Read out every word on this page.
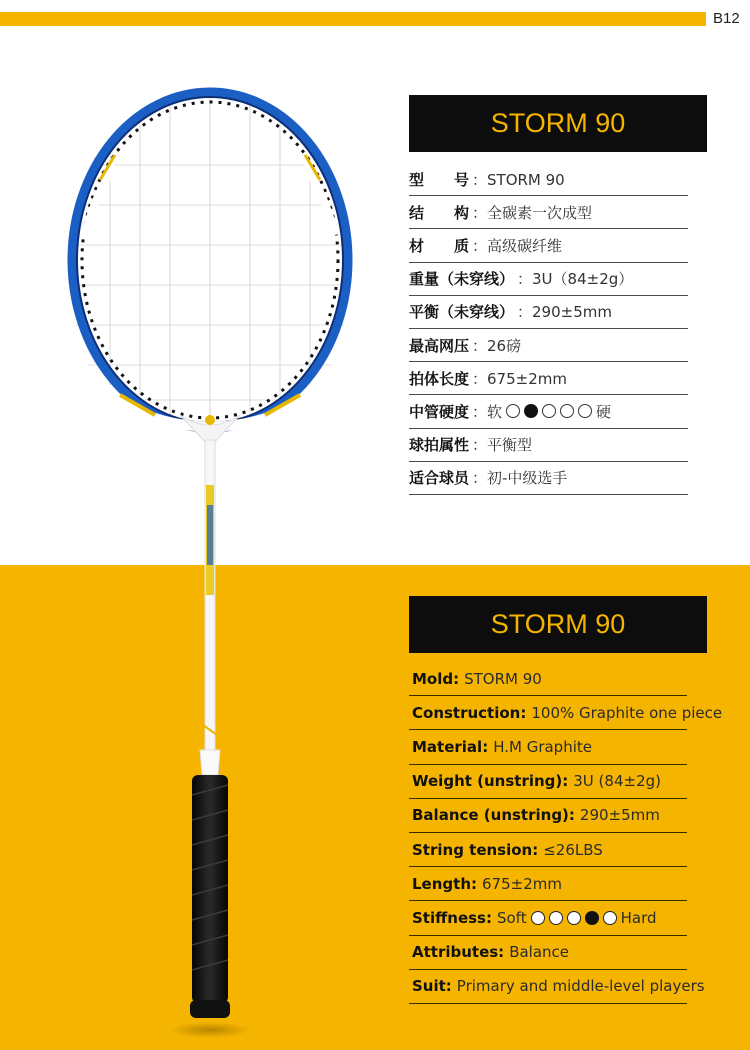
B12
STORM 90
型　　号 ：STORM 90
结　　构 ：全碳素一次成型
材　　质 ：高级碳纤维
重量（未穿线） ：3U（84±2g）
平衡（未穿线） ：290±5mm
最高网压 ：26磅
拍体长度 ：675±2mm
中管硬度 ：软	硬
球拍属性 ：平衡型
适合球员 ：初-中级选手
STORM 90
Mold: STORM 90
Construction: 100% Graphite one piece
Material: H.M Graphite
Weight (unstring): 3U (84±2g)
Balance (unstring): 290±5mm
String tension: ≤26LBS
Length: 675±2mm
Stiffness: Soft	Hard
Attributes: Balance
Suit: Primary and middle-level players
